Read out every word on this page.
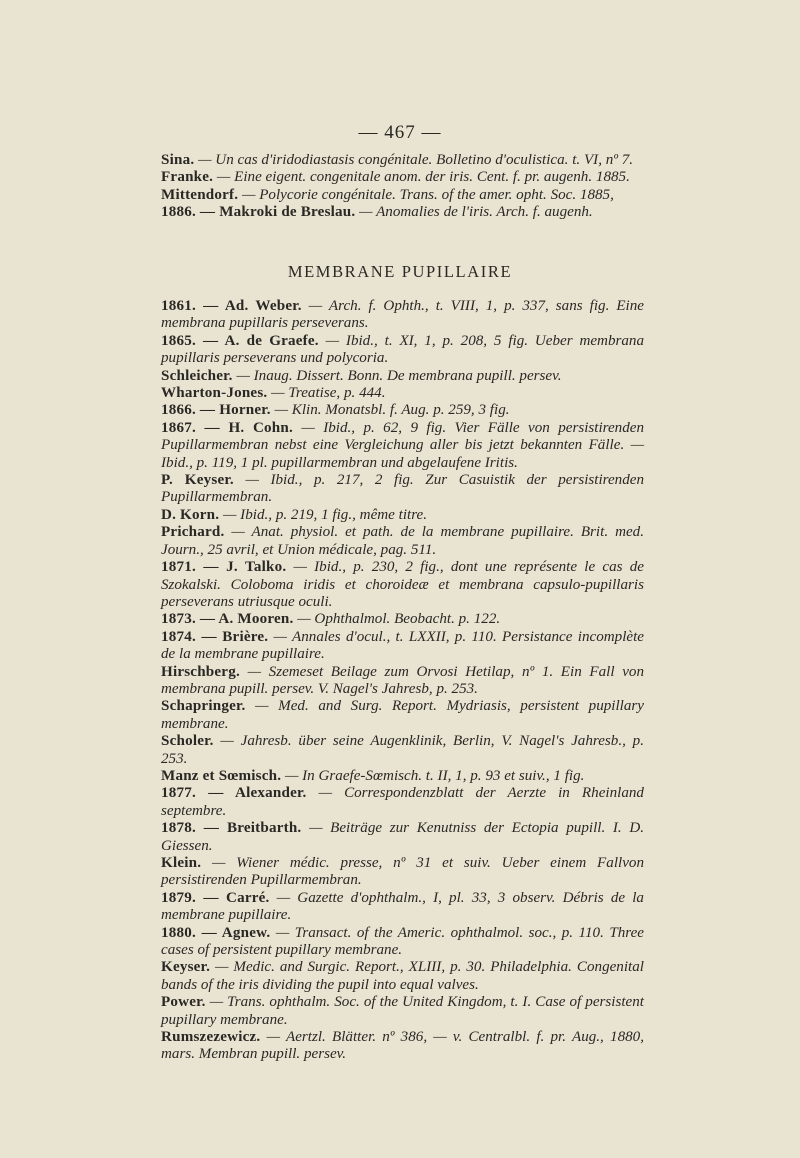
— 467 —

Sina. — Un cas d'iridodiastasis congénitale. Bolletino d'oculistica. t. VI, nº 7.

Franke. — Eine eigent. congenitale anom. der iris. Cent. f. pr. augenh. 1885.

Mittendorf. — Polycorie congénitale. Trans. of the amer. opht. Soc. 1885,

1886. — Makroki de Breslau. — Anomalies de l'iris. Arch. f. augenh.

MEMBRANE PUPILLAIRE

1861. — Ad. Weber. — Arch. f. Ophth., t. VIII, 1, p. 337, sans fig. Eine membrana pupillaris perseverans.

1865. — A. de Graefe. — Ibid., t. XI, 1, p. 208, 5 fig. Ueber membrana pupillaris perseverans und polycoria.

Schleicher. — Inaug. Dissert. Bonn. De membrana pupill. persev.

Wharton-Jones. — Treatise, p. 444.

1866. — Horner. — Klin. Monatsbl. f. Aug. p. 259, 3 fig.

1867. — H. Cohn. — Ibid., p. 62, 9 fig. Vier Fälle von persistirenden Pupillarmembran nebst eine Vergleichung aller bis jetzt bekannten Fälle. — Ibid., p. 119, 1 pl. pupillarmembran und abgelaufene Iritis.

P. Keyser. — Ibid., p. 217, 2 fig. Zur Casuistik der persistirenden Pupillarmembran.

D. Korn. — Ibid., p. 219, 1 fig., même titre.

Prichard. — Anat. physiol. et path. de la membrane pupillaire. Brit. med. Journ., 25 avril, et Union médicale, pag. 511.

1871. — J. Talko. — Ibid., p. 230, 2 fig., dont une représente le cas de Szokalski. Coloboma iridis et choroideæ et membrana capsulo-pupillaris perseverans utriusque oculi.

1873. — A. Mooren. — Ophthalmol. Beobacht. p. 122.

1874. — Brière. — Annales d'ocul., t. LXXII, p. 110. Persistance incomplète de la membrane pupillaire.

Hirschberg. — Szemeset Beilage zum Orvosi Hetilap, nº 1. Ein Fall von membrana pupill. persev. V. Nagel's Jahresb, p. 253.

Schapringer. — Med. and Surg. Report. Mydriasis, persistent pupillary membrane.

Scholer. — Jahresb. über seine Augenklinik, Berlin, V. Nagel's Jahresb., p. 253.

Manz et Sœmisch. — In Graefe-Sœmisch. t. II, 1, p. 93 et suiv., 1 fig.

1877. — Alexander. — Correspondenzblatt der Aerzte in Rheinland septembre.

1878. — Breitbarth. — Beiträge zur Kenutniss der Ectopia pupill. I. D. Giessen.

Klein. — Wiener médic. presse, nº 31 et suiv. Ueber einem Fallvon persistirenden Pupillarmembran.

1879. — Carré. — Gazette d'ophthalm., I, pl. 33, 3 observ. Débris de la membrane pupillaire.

1880. — Agnew. — Transact. of the Americ. ophthalmol. soc., p. 110. Three cases of persistent pupillary membrane.

Keyser. — Medic. and Surgic. Report., XLIII, p. 30. Philadelphia. Congenital bands of the iris dividing the pupil into equal valves.

Power. — Trans. ophthalm. Soc. of the United Kingdom, t. I. Case of persistent pupillary membrane.

Rumszezewicz. — Aertzl. Blätter. nº 386, — v. Centralbl. f. pr. Aug., 1880, mars. Membran pupill. persev.
